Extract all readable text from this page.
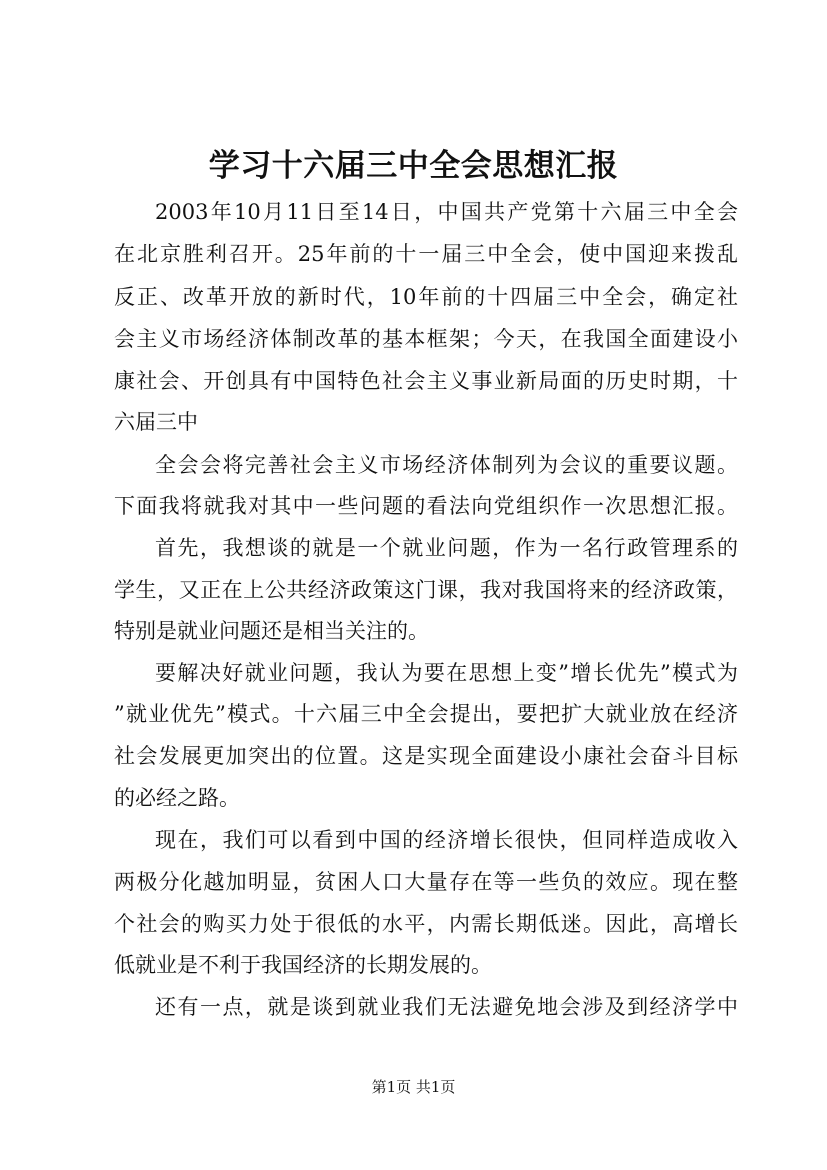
学习十六届三中全会思想汇报
2003年10月11日至14日，中国共产党第十六届三中全会
在北京胜利召开。25年前的十一届三中全会，使中国迎来拨乱
反正、改革开放的新时代，10年前的十四届三中全会，确定社
会主义市场经济体制改革的基本框架；今天，在我国全面建设小
康社会、开创具有中国特色社会主义事业新局面的历史时期，十
六届三中
全会会将完善社会主义市场经济体制列为会议的重要议题。
下面我将就我对其中一些问题的看法向党组织作一次思想汇报。
首先，我想谈的就是一个就业问题，作为一名行政管理系的
学生，又正在上公共经济政策这门课，我对我国将来的经济政策，
特别是就业问题还是相当关注的。
要解决好就业问题，我认为要在思想上变”增长优先”模式为
”就业优先”模式。十六届三中全会提出，要把扩大就业放在经济
社会发展更加突出的位置。这是实现全面建设小康社会奋斗目标
的必经之路。
现在，我们可以看到中国的经济增长很快，但同样造成收入
两极分化越加明显，贫困人口大量存在等一些负的效应。现在整
个社会的购买力处于很低的水平，内需长期低迷。因此，高增长
低就业是不利于我国经济的长期发展的。
还有一点，就是谈到就业我们无法避免地会涉及到经济学中
第1页 共1页
